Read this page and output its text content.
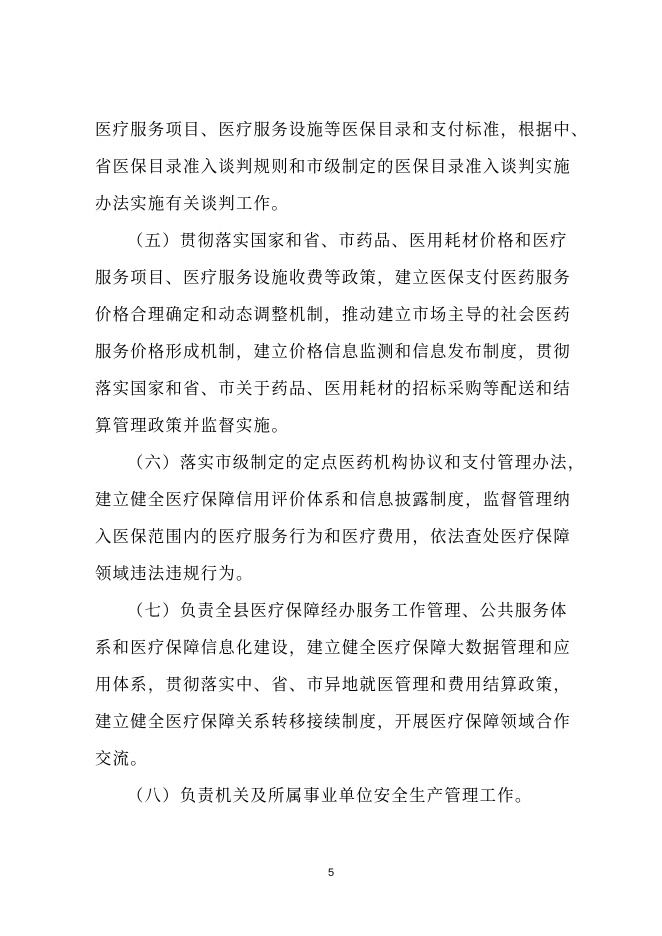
医疗服务项目、医疗服务设施等医保目录和支付标准，根据中、
省医保目录准入谈判规则和市级制定的医保目录准入谈判实施
办法实施有关谈判工作。
（五）贯彻落实国家和省、市药品、医用耗材价格和医疗
服务项目、医疗服务设施收费等政策，建立医保支付医药服务
价格合理确定和动态调整机制，推动建立市场主导的社会医药
服务价格形成机制，建立价格信息监测和信息发布制度，贯彻
落实国家和省、市关于药品、医用耗材的招标采购等配送和结
算管理政策并监督实施。
（六）落实市级制定的定点医药机构协议和支付管理办法，
建立健全医疗保障信用评价体系和信息披露制度，监督管理纳
入医保范围内的医疗服务行为和医疗费用，依法查处医疗保障
领域违法违规行为。
（七）负责全县医疗保障经办服务工作管理、公共服务体
系和医疗保障信息化建设，建立健全医疗保障大数据管理和应
用体系，贯彻落实中、省、市异地就医管理和费用结算政策，
建立健全医疗保障关系转移接续制度，开展医疗保障领域合作
交流。
（八）负责机关及所属事业单位安全生产管理工作。
5
